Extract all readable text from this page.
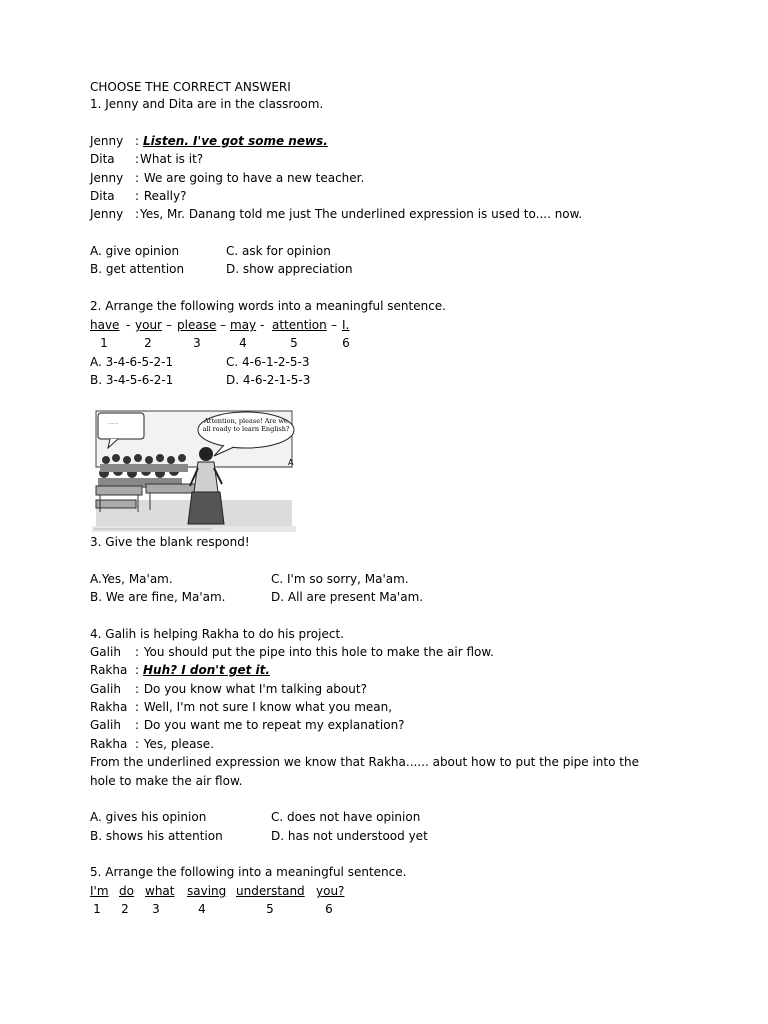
CHOOSE THE CORRECT ANSWERI
1. Jenny and Dita are in the classroom.
Jenny : Listen. I've got some news.
Dita : What is it?
Jenny : We are going to have a new teacher.
Dita : Really?
Jenny : Yes, Mr. Danang told me just The underlined expression is used to.... now.
A. give opinion	C. ask for opinion
B. get attention	D. show appreciation
2. Arrange the following words into a meaningful sentence.
have - your – please – may - attention – I.
1	2	3	4	5	6
A. 3-4-6-5-2-1	C. 4-6-1-2-5-3
B. 3-4-5-6-2-1	D. 4-6-2-1-5-3
........	Attention, please! Are we all ready to learn English?
A
3. Give the blank respond!
A.Yes, Ma'am.	C. I'm so sorry, Ma'am.
B. We are fine, Ma'am.	D. All are present Ma'am.
4. Galih is helping Rakha to do his project.
Galih : You should put the pipe into this hole to make the air flow.
Rakha : Huh? I don't get it.
Galih : Do you know what I'm talking about?
Rakha : Well, I'm not sure I know what you mean,
Galih : Do you want me to repeat my explanation?
Rakha : Yes, please.
From the underlined expression we know that Rakha...... about how to put the pipe into the
hole to make the air flow.
A. gives his opinion	C. does not have opinion
B. shows his attention	D. has not understood yet
5. Arrange the following into a meaningful sentence.
I'm do what saving understand you?
1	2	3	4	5	6
